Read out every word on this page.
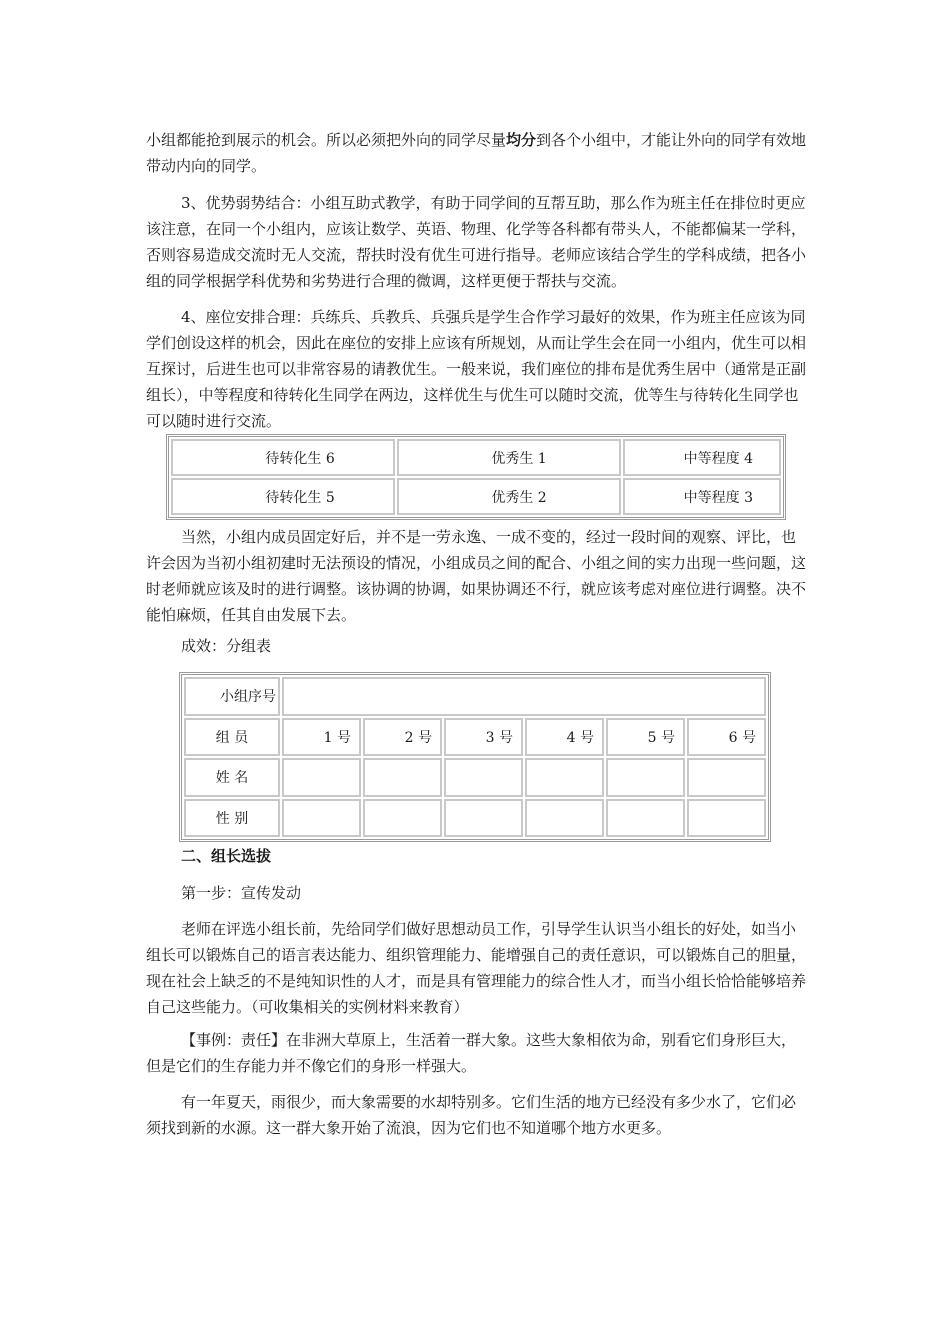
小组都能抢到展示的机会。所以必须把外向的同学尽量均分到各个小组中，才能让外向的同学有效地带动内向的同学。

3、优势弱势结合：小组互助式教学，有助于同学间的互帮互助，那么作为班主任在排位时更应该注意，在同一个小组内，应该让数学、英语、物理、化学等各科都有带头人，不能都偏某一学科，否则容易造成交流时无人交流，帮扶时没有优生可进行指导。老师应该结合学生的学科成绩，把各小组的同学根据学科优势和劣势进行合理的微调，这样更便于帮扶与交流。

4、座位安排合理：兵练兵、兵教兵、兵强兵是学生合作学习最好的效果，作为班主任应该为同学们创设这样的机会，因此在座位的安排上应该有所规划，从而让学生会在同一小组内，优生可以相互探讨，后进生也可以非常容易的请教优生。一般来说，我们座位的排布是优秀生居中（通常是正副组长），中等程度和待转化生同学在两边，这样优生与优生可以随时交流，优等生与待转化生同学也可以随时进行交流。

待转化生 6	优秀生 1	中等程度 4
待转化生 5	优秀生 2	中等程度 3

当然，小组内成员固定好后，并不是一劳永逸、一成不变的，经过一段时间的观察、评比，也许会因为当初小组初建时无法预设的情况，小组成员之间的配合、小组之间的实力出现一些问题，这时老师就应该及时的进行调整。该协调的协调，如果协调还不行，就应该考虑对座位进行调整。决不能怕麻烦，任其自由发展下去。

成效：分组表

小组序号						
组 员	1 号	2 号	3 号	4 号	5 号	6 号
姓 名						
性 别						

二、组长选拔

第一步：宣传发动

老师在评选小组长前，先给同学们做好思想动员工作，引导学生认识当小组长的好处，如当小组长可以锻炼自己的语言表达能力、组织管理能力、能增强自己的责任意识，可以锻炼自己的胆量，现在社会上缺乏的不是纯知识性的人才，而是具有管理能力的综合性人才，而当小组长恰恰能够培养自己这些能力。（可收集相关的实例材料来教育）

【事例：责任】在非洲大草原上，生活着一群大象。这些大象相依为命，别看它们身形巨大，但是它们的生存能力并不像它们的身形一样强大。

有一年夏天，雨很少，而大象需要的水却特别多。它们生活的地方已经没有多少水了，它们必须找到新的水源。这一群大象开始了流浪，因为它们也不知道哪个地方水更多。
